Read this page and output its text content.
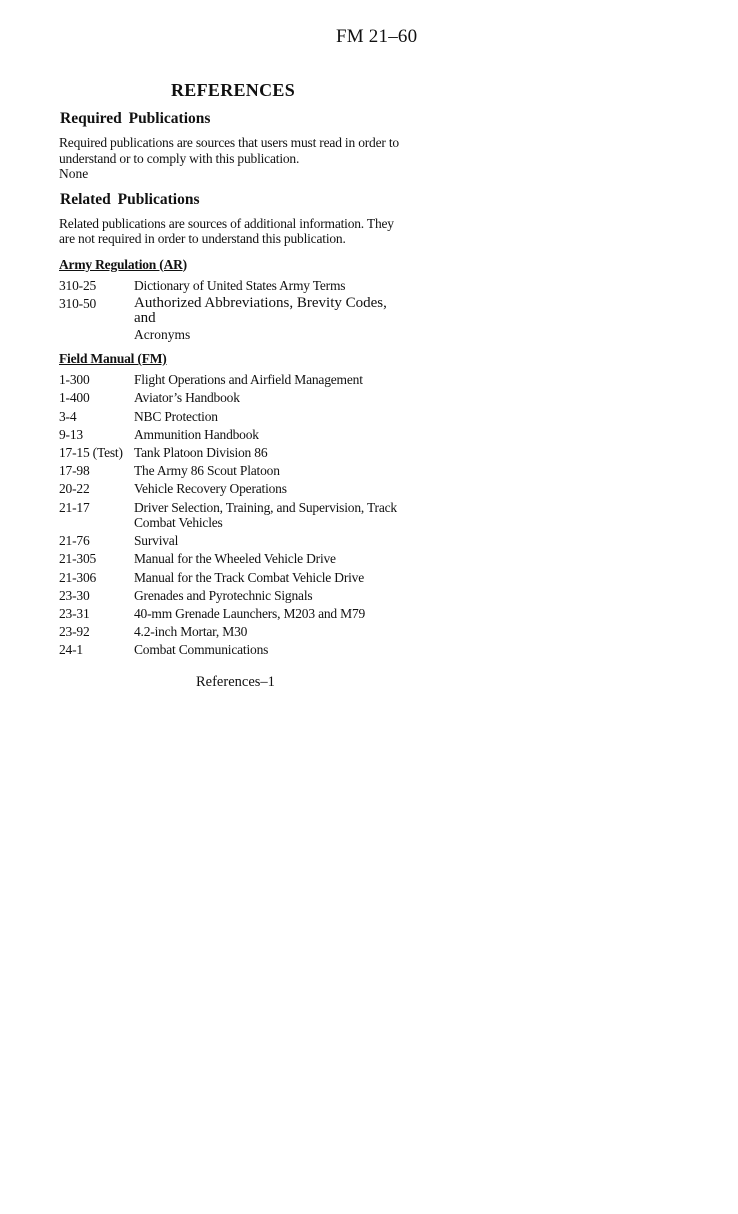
FM 21–60
REFERENCES
Required Publications

Required publications are sources that users must read in order to understand or to comply with this publication.

None

Related Publications

Related publications are sources of additional information. They are not required in order to understand this publication.

Army Regulation (AR)
310-25	Dictionary of United States Army Terms
310-50	Authorized Abbreviations, Brevity Codes, and
Acronyms
Field Manual (FM)
1-300	Flight Operations and Airfield Management
1-400	Aviator’s Handbook
3-4	NBC Protection
9-13	Ammunition Handbook
17-15 (Test) Tank Platoon Division 86
17-98	The Army 86 Scout Platoon
20-22	Vehicle Recovery Operations
21-17	Driver Selection, Training, and Supervision, Track
Combat Vehicles
21-76	Survival
21-305	Manual for the Wheeled Vehicle Drive
21-306	Manual for the Track Combat Vehicle Drive
23-30	Grenades and Pyrotechnic Signals
23-31	40-mm Grenade Launchers, M203 and M79
23-92	4.2-inch Mortar, M30
24-1	Combat Communications
References–1
